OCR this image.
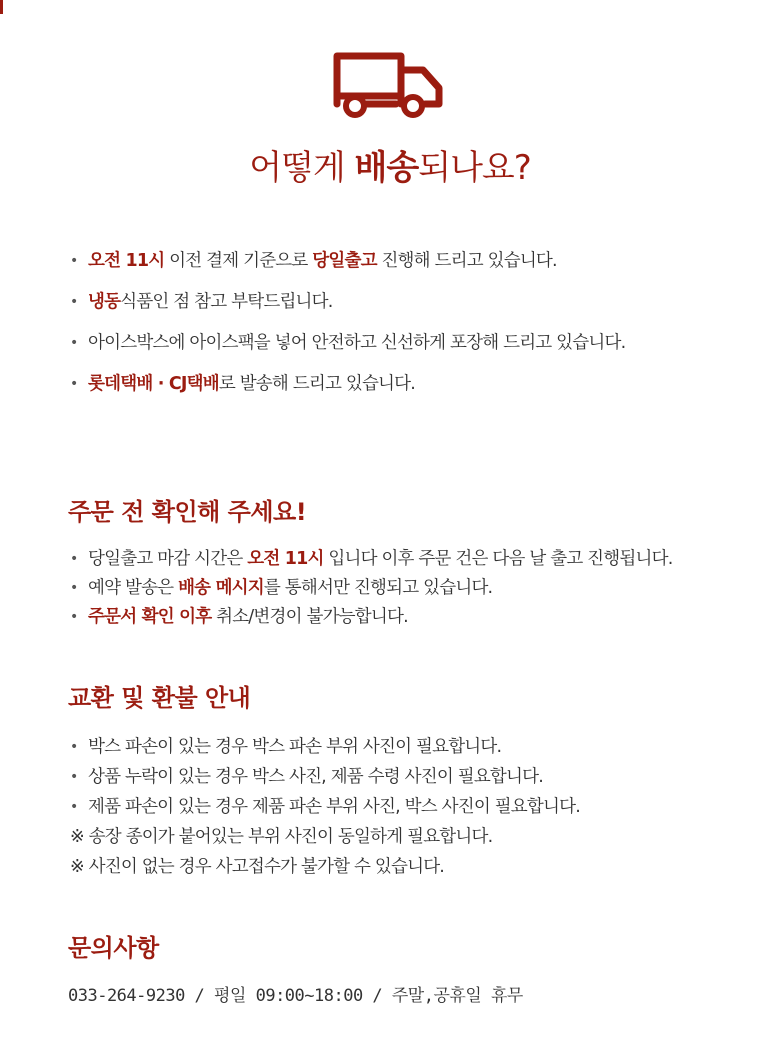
어떻게 배송되나요?
• 오전 11시 이전 결제 기준으로 당일출고 진행해 드리고 있습니다.
• 냉동식품인 점 참고 부탁드립니다.
• 아이스박스에 아이스팩을 넣어 안전하고 신선하게 포장해 드리고 있습니다.
• 롯데택배 · CJ택배로 발송해 드리고 있습니다.
주문 전 확인해 주세요!
• 당일출고 마감 시간은 오전 11시 입니다 이후 주문 건은 다음 날 출고 진행됩니다.
• 예약 발송은 배송 메시지를 통해서만 진행되고 있습니다.
• 주문서 확인 이후 취소/변경이 불가능합니다.
교환 및 환불 안내
• 박스 파손이 있는 경우 박스 파손 부위 사진이 필요합니다.
• 상품 누락이 있는 경우 박스 사진, 제품 수령 사진이 필요합니다.
• 제품 파손이 있는 경우 제품 파손 부위 사진, 박스 사진이 필요합니다.
※ 송장 종이가 붙어있는 부위 사진이 동일하게 필요합니다.
※ 사진이 없는 경우 사고접수가 불가할 수 있습니다.
문의사항
033-264-9230 / 평일 09:00~18:00 / 주말,공휴일 휴무
